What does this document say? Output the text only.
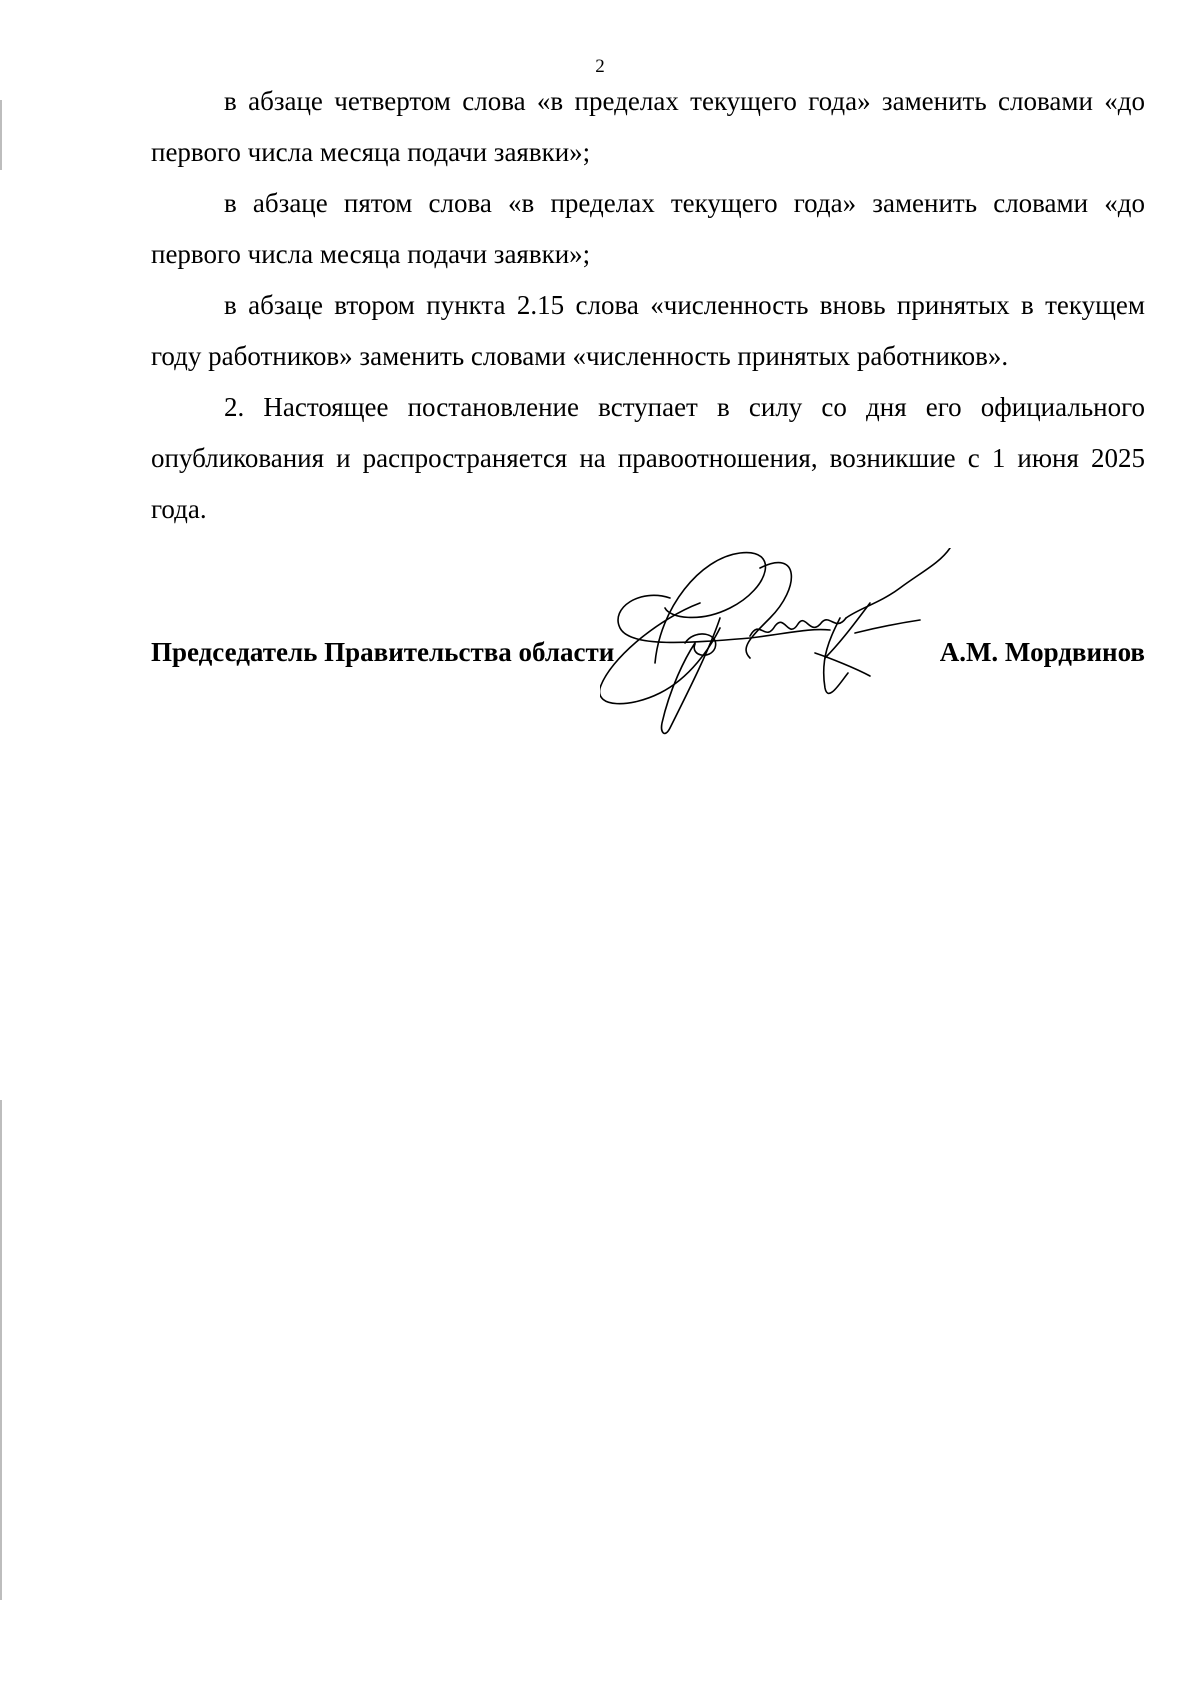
2

в абзаце четвертом слова «в пределах текущего года» заменить словами «до первого числа месяца подачи заявки»;

в абзаце пятом слова «в пределах текущего года» заменить словами «до первого числа месяца подачи заявки»;

в абзаце втором пункта 2.15 слова «численность вновь принятых в текущем году работников» заменить словами «численность принятых работников».

2. Настоящее постановление вступает в силу со дня его официального опубликования и распространяется на правоотношения, возникшие с 1 июня 2025 года.

Председатель Правительства области	А.М. Мордвинов
